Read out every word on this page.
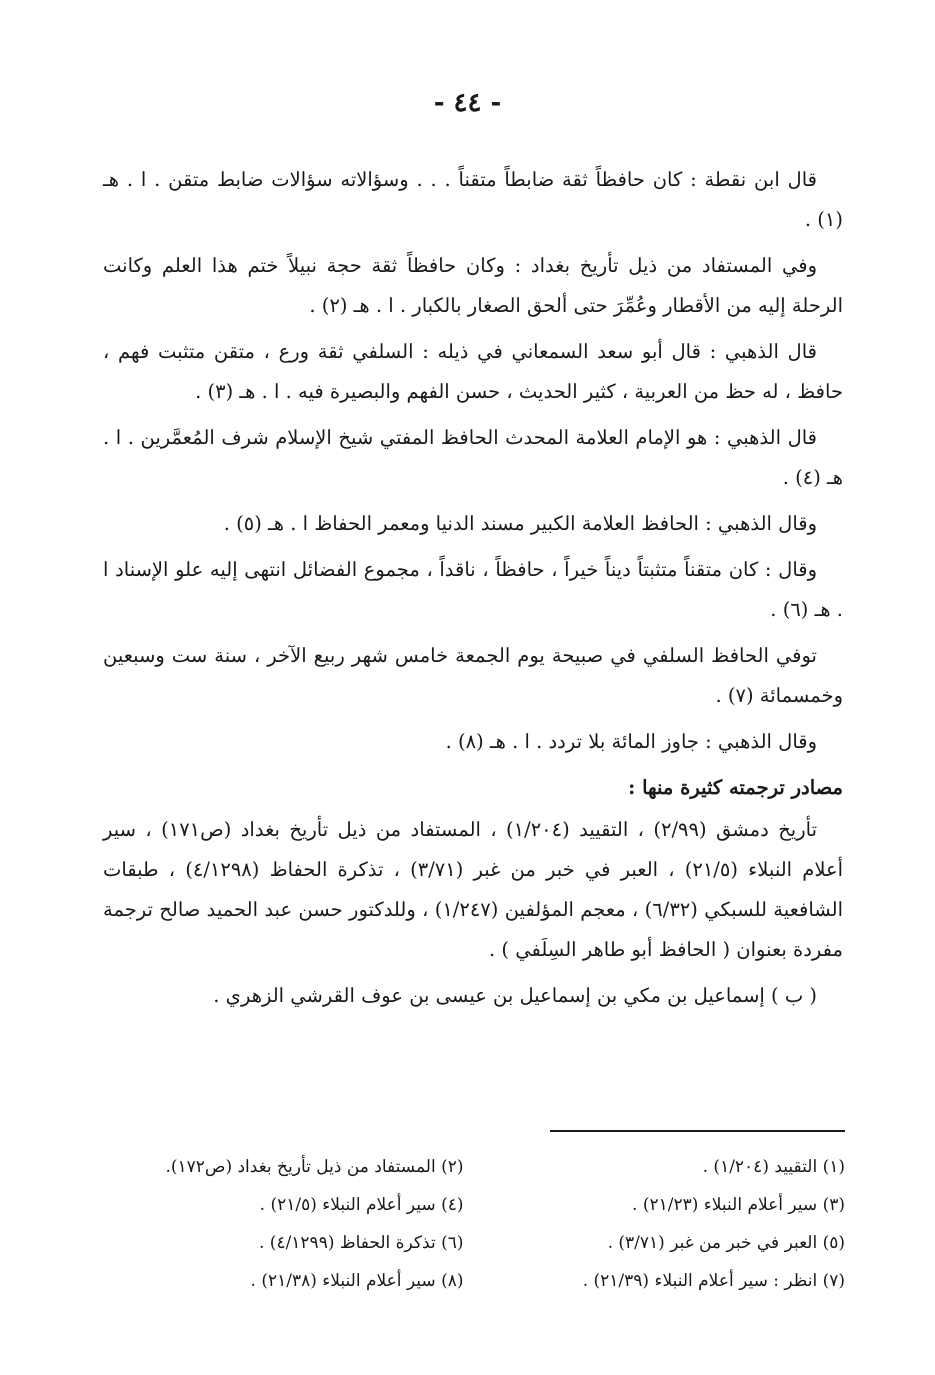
- ٤٤ -

قال ابن نقطة : كان حافظاً ثقة ضابطاً متقناً . . . وسؤالاته سؤالات ضابط متقن . ا . هـ (١) .

وفي المستفاد من ذيل تأريخ بغداد : وكان حافظاً ثقة حجة نبيلاً ختم هذا العلم وكانت الرحلة إليه من الأقطار وعُمِّرَ حتى ألحق الصغار بالكبار . ا . هـ (٢) .

قال الذهبي : قال أبو سعد السمعاني في ذيله : السلفي ثقة ورع ، متقن متثبت فهم ، حافظ ، له حظ من العربية ، كثير الحديث ، حسن الفهم والبصيرة فيه . ا . هـ (٣) .

قال الذهبي : هو الإمام العلامة المحدث الحافظ المفتي شيخ الإسلام شرف المُعمَّرين . ا . هـ (٤) .

وقال الذهبي : الحافظ العلامة الكبير مسند الدنيا ومعمر الحفاظ ا . هـ (٥) .

وقال : كان متقناً متثبتاً ديناً خيراً ، حافظاً ، ناقداً ، مجموع الفضائل انتهى إليه علو الإسناد ا . هـ (٦) .

توفي الحافظ السلفي في صبيحة يوم الجمعة خامس شهر ربيع الآخر ، سنة ست وسبعين وخمسمائة (٧) .

وقال الذهبي : جاوز المائة بلا تردد . ا . هـ (٨) .

مصادر ترجمته كثيرة منها :

تأريخ دمشق (٢/٩٩) ، التقييد (١/٢٠٤) ، المستفاد من ذيل تأريخ بغداد (ص١٧١) ، سير أعلام النبلاء (٢١/٥) ، العبر في خبر من غبر (٣/٧١) ، تذكرة الحفاظ (٤/١٢٩٨) ، طبقات الشافعية للسبكي (٦/٣٢) ، معجم المؤلفين (١/٢٤٧) ، وللدكتور حسن عبد الحميد صالح ترجمة مفردة بعنوان ( الحافظ أبو طاهر السِلَفي ) .

( ب ) إسماعيل بن مكي بن إسماعيل بن عيسى بن عوف القرشي الزهري .

(١) التقييد (١/٢٠٤) .
(٢) المستفاد من ذيل تأريخ بغداد (ص١٧٢).
(٣) سير أعلام النبلاء (٢١/٢٣) .
(٤) سير أعلام النبلاء (٢١/٥) .
(٥) العبر في خبر من غبر (٣/٧١) .
(٦) تذكرة الحفاظ (٤/١٢٩٩) .
(٧) انظر : سير أعلام النبلاء (٢١/٣٩) .
(٨) سير أعلام النبلاء (٢١/٣٨) .
